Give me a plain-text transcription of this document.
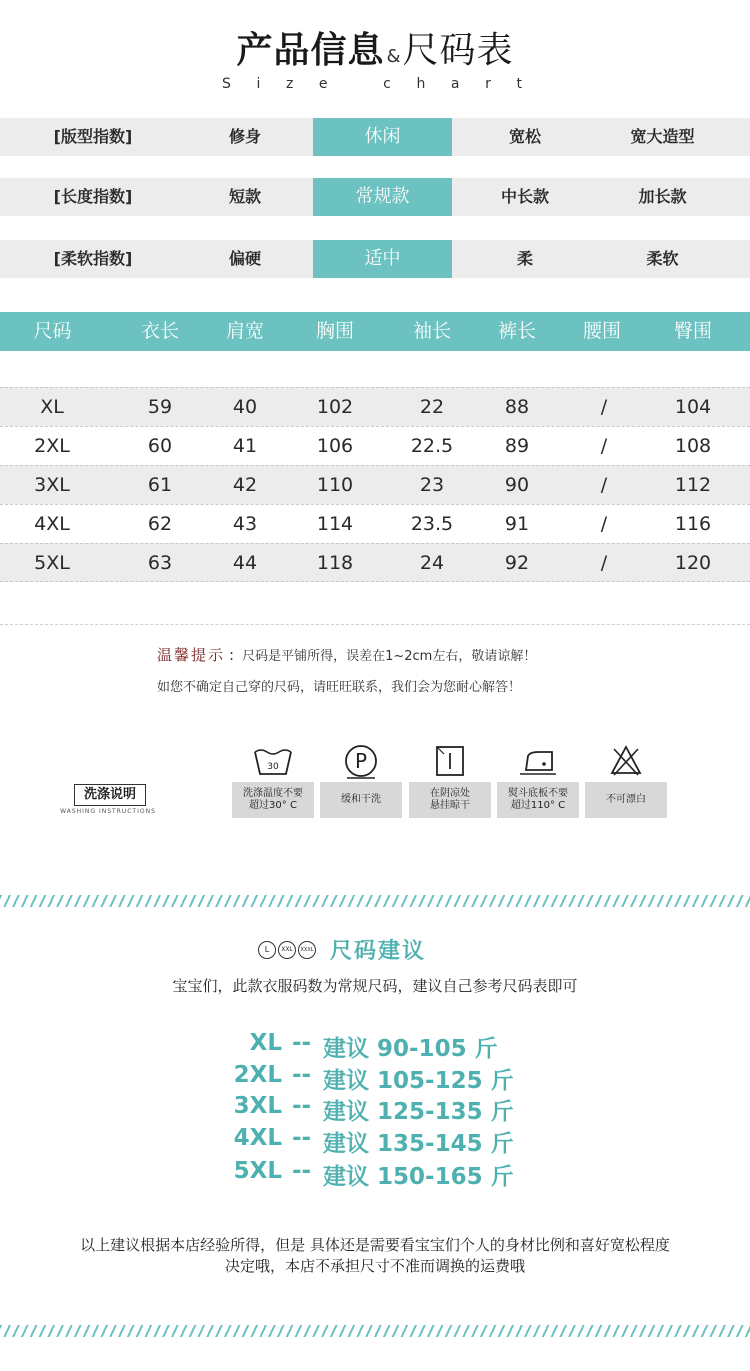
产品信息 &尺码表
S i z e	c h a r t
[版型指数]	修身	休闲	宽松	宽大造型
[长度指数]	短款	常规款	中长款	加长款
[柔软指数]	偏硬	适中	柔	柔软
尺码	衣长	肩宽	胸围	袖长	裤长	腰围	臀围
XL	59	40	102	22	88	/	104
2XL	60	41	106	22.5	89	/	108
3XL	61	42	110	23	90	/	112
4XL	62	43	114	23.5	91	/	116
5XL	63	44	118	24	92	/	120
温馨提示 : 尺码是平铺所得，误差在1~2cm左右，敬请谅解！
如您不确定自己穿的尺码，请旺旺联系，我们会为您耐心解答！
洗涤说明
WASHING INSTRUCTIONS
30
洗涤温度不要
超过30° C
P
缓和干洗
在阴凉处
悬挂晾干
熨斗底板不要
超过110° C
不可漂白
L	XXL	XXXL 尺码建议
宝宝们，此款衣服码数为常规尺码，建议自己参考尺码表即可
XL -- 建议 90-105 斤
2XL -- 建议 105-125 斤
3XL -- 建议 125-135 斤
4XL -- 建议 135-145 斤
5XL -- 建议 150-165 斤
以上建议根据本店经验所得，但是 具体还是需要看宝宝们个人的身材比例和喜好宽松程度
决定哦，本店不承担尺寸不准而调换的运费哦
